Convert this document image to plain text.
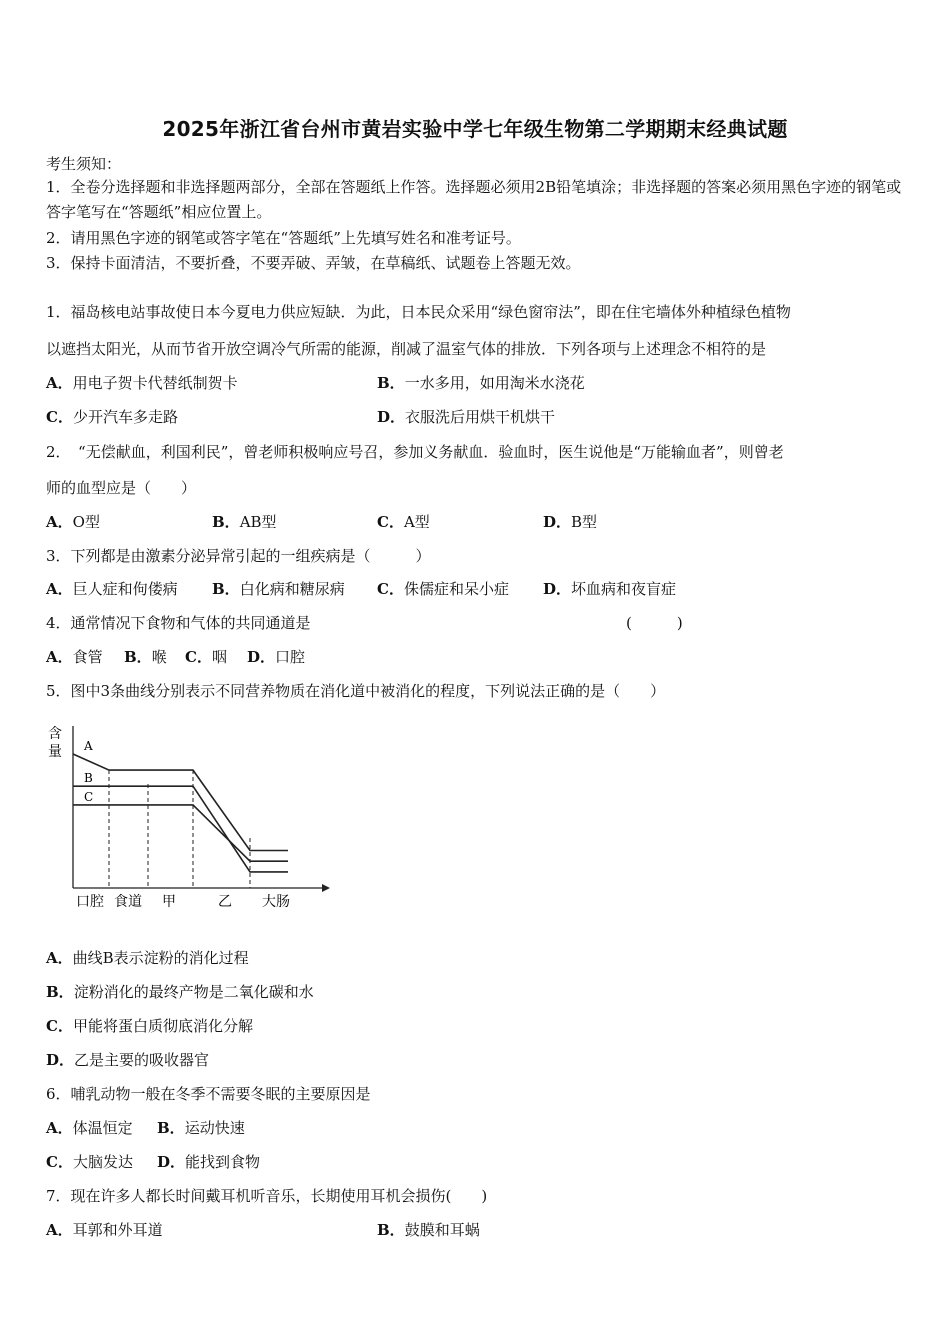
2025年浙江省台州市黄岩实验中学七年级生物第二学期期末经典试题
考生须知：
1．全卷分选择题和非选择题两部分，全部在答题纸上作答。选择题必须用2B铅笔填涂；非选择题的答案必须用黑色字迹的钢笔或答字笔写在“答题纸”相应位置上。
2．请用黑色字迹的钢笔或答字笔在“答题纸”上先填写姓名和准考证号。
3．保持卡面清洁，不要折叠，不要弄破、弄皱，在草稿纸、试题卷上答题无效。
1．福岛核电站事故使日本今夏电力供应短缺．为此，日本民众采用“绿色窗帘法”，即在住宅墙体外种植绿色植物
以遮挡太阳光，从而节省开放空调冷气所需的能源，削减了温室气体的排放．下列各项与上述理念不相符的是
A．用电子贺卡代替纸制贺卡	B．一水多用，如用淘米水浇花
C．少开汽车多走路	D．衣服洗后用烘干机烘干
2．　“无偿献血，利国利民”，曾老师积极响应号召，参加义务献血．验血时，医生说他是“万能输血者”，则曾老
师的血型应是（　　）
A．O型	B．AB型	C．A型	D．B型
3．下列都是由激素分泌异常引起的一组疾病是（　　　）
A．巨人症和佝偻病 B．白化病和糖尿病 C．侏儒症和呆小症 D．坏血病和夜盲症
4．通常情况下食物和气体的共同通道是	(　　　)
A．食管 B．喉 C．咽 D．口腔
5．图中3条曲线分别表示不同营养物质在消化道中被消化的程度，下列说法正确的是（　　）
含
量 A
B
C
口腔 食道 甲	乙 大肠
A．曲线B表示淀粉的消化过程
B．淀粉消化的最终产物是二氧化碳和水
C．甲能将蛋白质彻底消化分解
D．乙是主要的吸收器官
6．哺乳动物一般在冬季不需要冬眠的主要原因是
A．体温恒定 B．运动快速
C．大脑发达 D．能找到食物
7．现在许多人都长时间戴耳机听音乐，长期使用耳机会损伤(　　)
A．耳郭和外耳道	B．鼓膜和耳蜗
